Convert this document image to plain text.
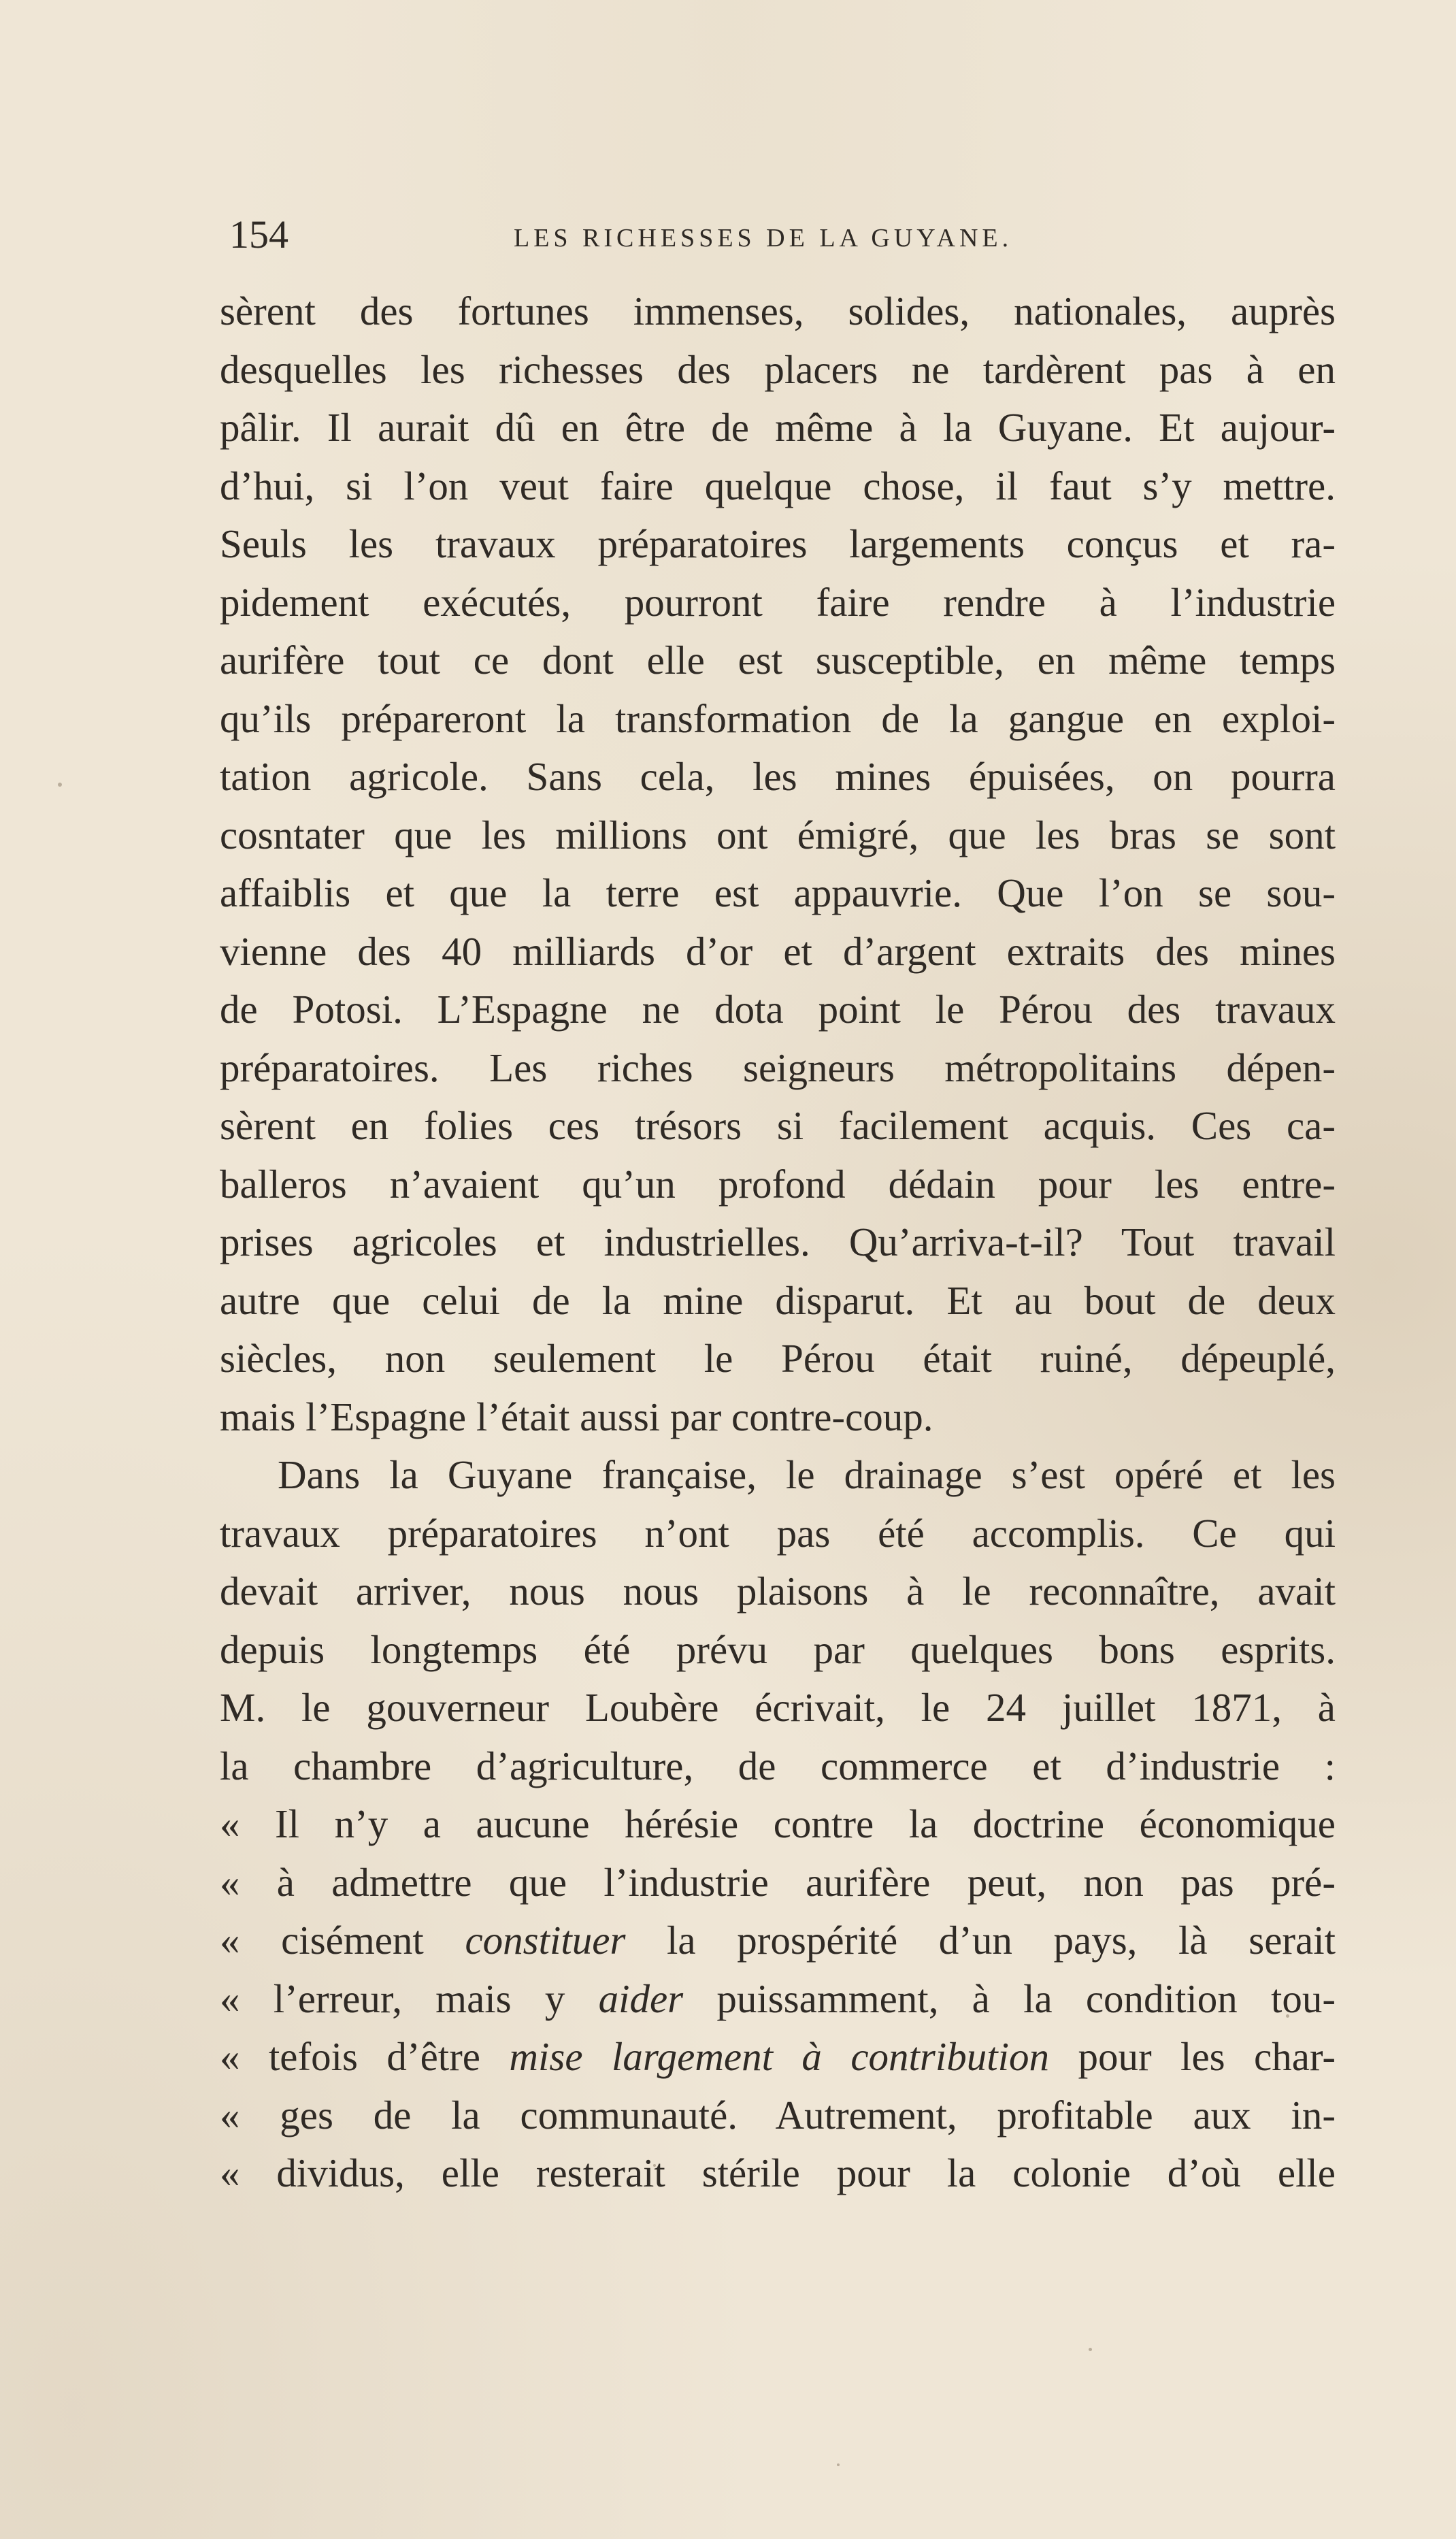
154	LES RICHESSES DE LA GUYANE.
sèrent des fortunes immenses, solides, nationales, auprès
desquelles les richesses des placers ne tardèrent pas à en
pâlir. Il aurait dû en être de même à la Guyane. Et aujour-
d’hui, si l’on veut faire quelque chose, il faut s’y mettre.
Seuls les travaux préparatoires largements conçus et ra-
pidement exécutés, pourront faire rendre à l’industrie
aurifère tout ce dont elle est susceptible, en même temps
qu’ils prépareront la transformation de la gangue en exploi-
tation agricole. Sans cela, les mines épuisées, on pourra
cosntater que les millions ont émigré, que les bras se sont
affaiblis et que la terre est appauvrie. Que l’on se sou-
vienne des 40 milliards d’or et d’argent extraits des mines
de Potosi. L’Espagne ne dota point le Pérou des travaux
préparatoires. Les riches seigneurs métropolitains dépen-
sèrent en folies ces trésors si facilement acquis. Ces ca-
balleros n’avaient qu’un profond dédain pour les entre-
prises agricoles et industrielles. Qu’arriva-t-il? Tout travail
autre que celui de la mine disparut. Et au bout de deux
siècles, non seulement le Pérou était ruiné, dépeuplé,
mais l’Espagne l’était aussi par contre-coup.
Dans la Guyane française, le drainage s’est opéré et les
travaux préparatoires n’ont pas été accomplis. Ce qui
devait arriver, nous nous plaisons à le reconnaître, avait
depuis longtemps été prévu par quelques bons esprits.
M. le gouverneur Loubère écrivait, le 24 juillet 1871, à
la chambre d’agriculture, de commerce et d’industrie :
« Il n’y a aucune hérésie contre la doctrine économique
« à admettre que l’industrie aurifère peut, non pas pré-
« cisément constituer la prospérité d’un pays, là serait
« l’erreur, mais y aider puissamment, à la condition tou-
« tefois d’être mise largement à contribution pour les char-
« ges de la communauté. Autrement, profitable aux in-
« dividus, elle resterait stérile pour la colonie d’où elle
